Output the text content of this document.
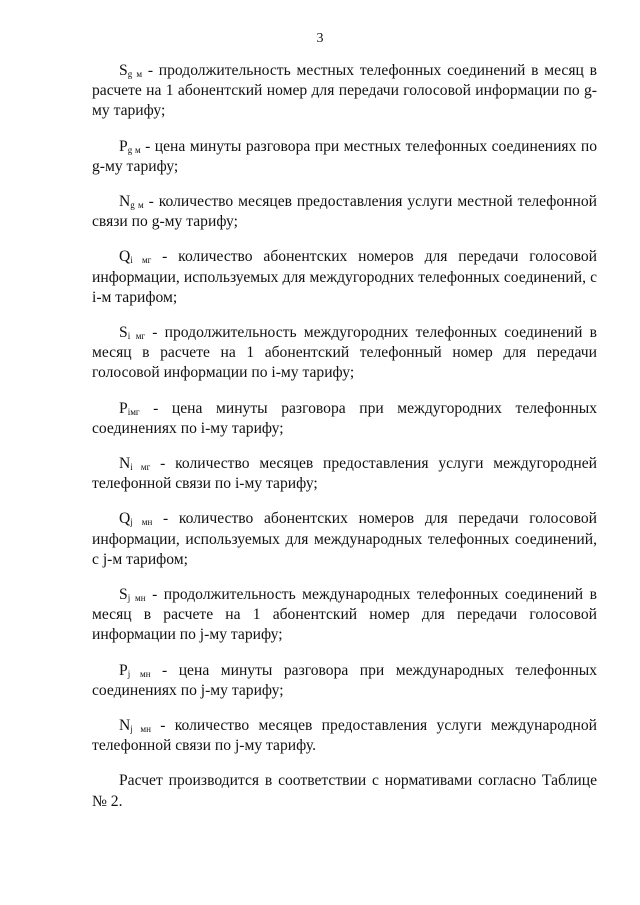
3

$S_{g м}$ - продолжительность местных телефонных соединений в месяц в расчете на 1 абонентский номер для передачи голосовой информации по g-му тарифу;

$P_{g м}$ - цена минуты разговора при местных телефонных соединениях по g-му тарифу;

$N_{g м}$ - количество месяцев предоставления услуги местной телефонной связи по g-му тарифу;

$Q_{i мг}$ - количество абонентских номеров для передачи голосовой информации, используемых для междугородних телефонных соединений, с i-м тарифом;

$S_{i мг}$ - продолжительность междугородних телефонных соединений в месяц в расчете на 1 абонентский телефонный номер для передачи голосовой информации по i-му тарифу;

$P_{iмг}$ - цена минуты разговора при междугородних телефонных соединениях по i-му тарифу;

$N_{i мг}$ - количество месяцев предоставления услуги междугородней телефонной связи по i-му тарифу;

$Q_{j мн}$ - количество абонентских номеров для передачи голосовой информации, используемых для международных телефонных соединений, с j-м тарифом;

$S_{j мн}$ - продолжительность международных телефонных соединений в месяц в расчете на 1 абонентский номер для передачи голосовой информации по j-му тарифу;

$P_{j мн}$ - цена минуты разговора при международных телефонных соединениях по j-му тарифу;

$N_{j мн}$ - количество месяцев предоставления услуги международной телефонной связи по j-му тарифу.

Расчет производится в соответствии с нормативами согласно Таблице № 2.
